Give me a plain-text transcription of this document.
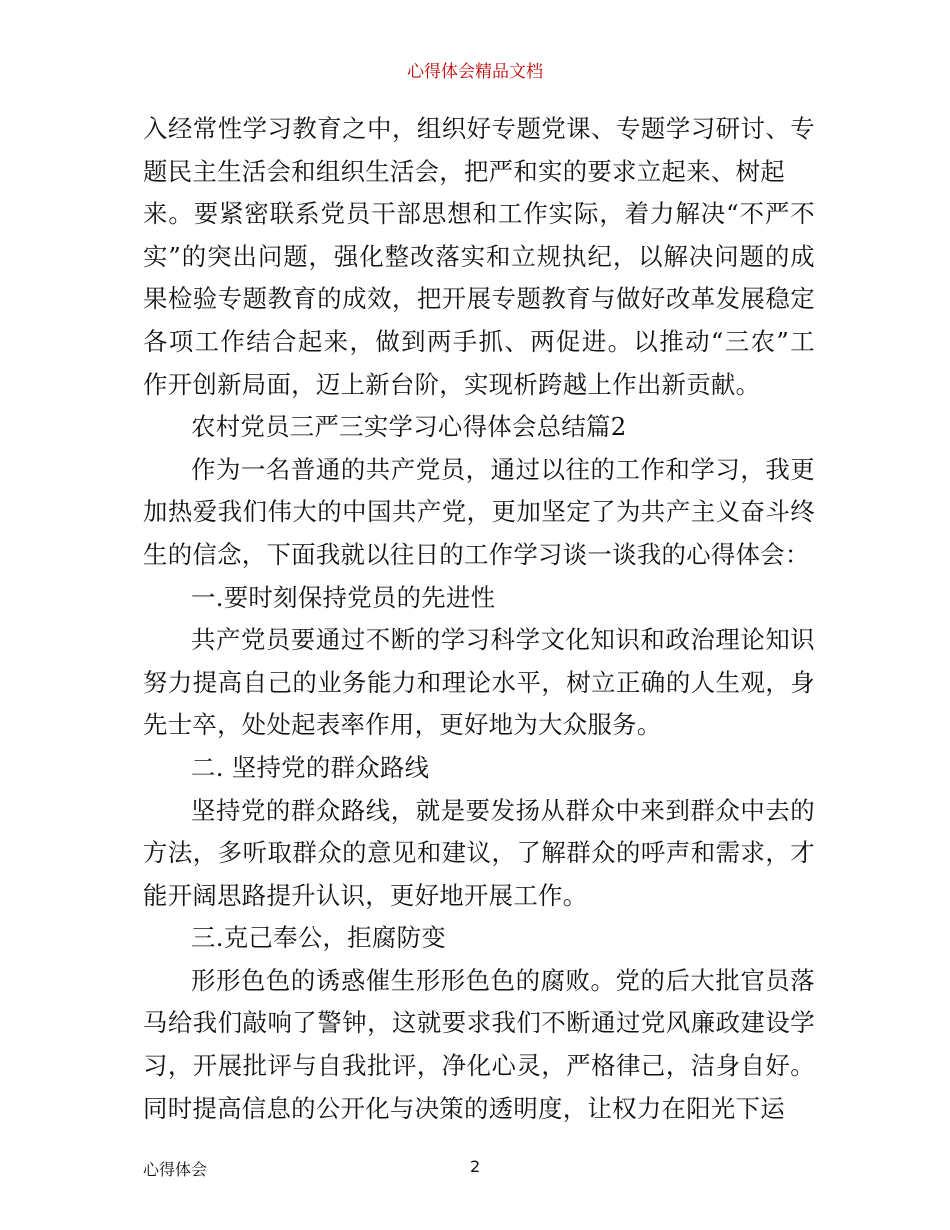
心得体会精品文档
入经常性学习教育之中，组织好专题党课、专题学习研讨、专
题民主生活会和组织生活会，把严和实的要求立起来、树起
来。要紧密联系党员干部思想和工作实际，着力解决“不严不
实”的突出问题，强化整改落实和立规执纪，以解决问题的成
果检验专题教育的成效，把开展专题教育与做好改革发展稳定
各项工作结合起来，做到两手抓、两促进。以推动“三农”工
作开创新局面，迈上新台阶，实现析跨越上作出新贡献。
农村党员三严三实学习心得体会总结篇2
作为一名普通的共产党员，通过以往的工作和学习，我更
加热爱我们伟大的中国共产党，更加坚定了为共产主义奋斗终
生的信念，下面我就以往日的工作学习谈一谈我的心得体会：
一.要时刻保持党员的先进性
共产党员要通过不断的学习科学文化知识和政治理论知识
努力提高自己的业务能力和理论水平，树立正确的人生观，身
先士卒，处处起表率作用，更好地为大众服务。
二. 坚持党的群众路线
坚持党的群众路线，就是要发扬从群众中来到群众中去的
方法，多听取群众的意见和建议，了解群众的呼声和需求，才
能开阔思路提升认识，更好地开展工作。
三.克己奉公，拒腐防变
形形色色的诱惑催生形形色色的腐败。党的后大批官员落
马给我们敲响了警钟，这就要求我们不断通过党风廉政建设学
习，开展批评与自我批评，净化心灵，严格律己，洁身自好。
同时提高信息的公开化与决策的透明度，让权力在阳光下运
心得体会	2
